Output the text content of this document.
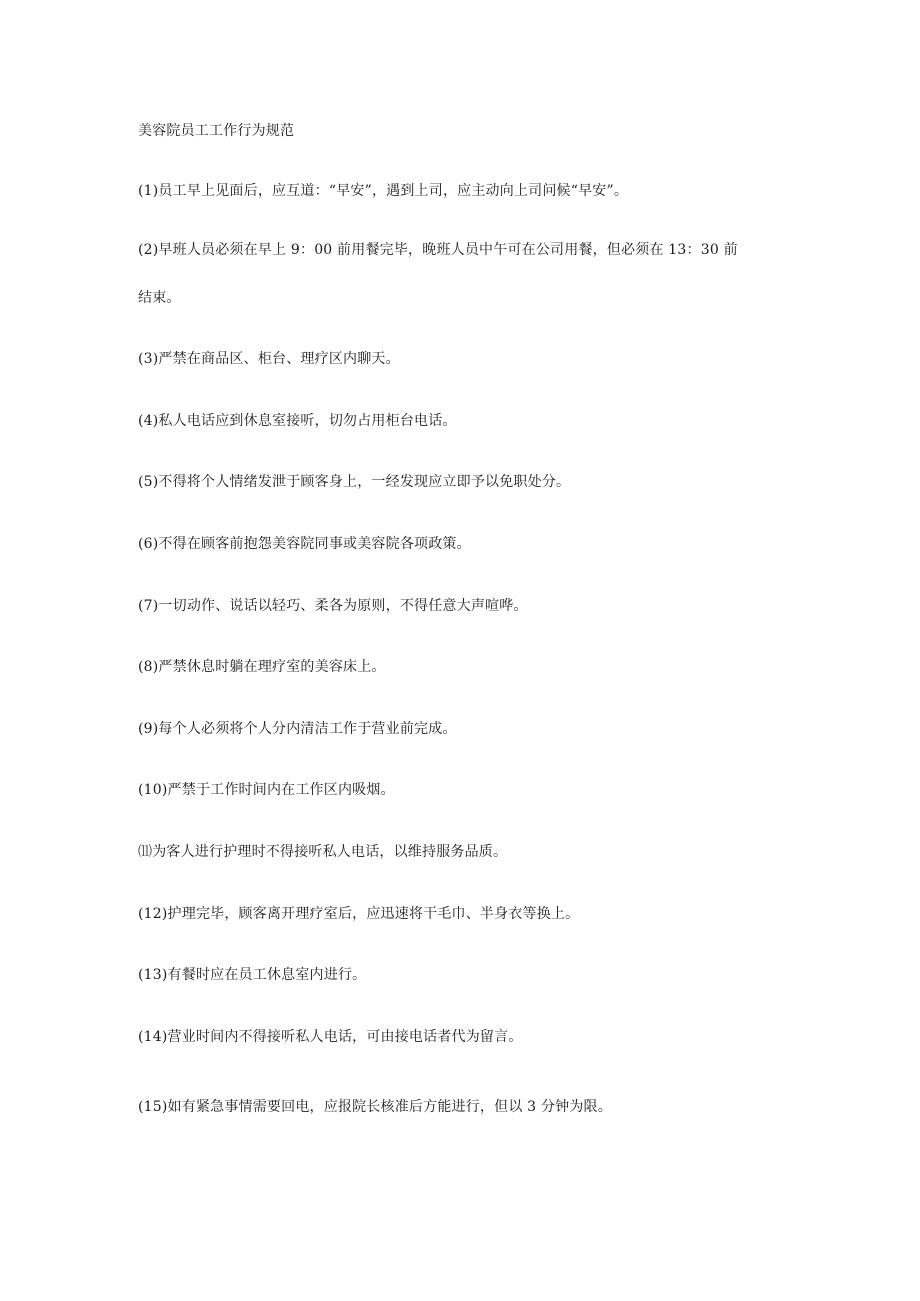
美容院员工工作行为规范

(1)员工早上见面后，应互道：“早安”，遇到上司，应主动向上司问候“早安”。

(2)早班人员必须在早上 9：00 前用餐完毕，晚班人员中午可在公司用餐，但必须在 13：30 前

结束。

(3)严禁在商品区、柜台、理疗区内聊天。

(4)私人电话应到休息室接听，切勿占用柜台电话。

(5)不得将个人情绪发泄于顾客身上，一经发现应立即予以免职处分。

(6)不得在顾客前抱怨美容院同事或美容院各项政策。

(7)一切动作、说话以轻巧、柔各为原则，不得任意大声喧哗。

(8)严禁休息时躺在理疗室的美容床上。

(9)每个人必须将个人分内清洁工作于营业前完成。

(10)严禁于工作时间内在工作区内吸烟。

⑾为客人进行护理时不得接听私人电话，以维持服务品质。

(12)护理完毕，顾客离开理疗室后，应迅速将干毛巾、半身衣等换上。

(13)有餐时应在员工休息室内进行。

(14)营业时间内不得接听私人电话，可由接电话者代为留言。

(15)如有紧急事情需要回电，应报院长核准后方能进行，但以 3 分钟为限。
